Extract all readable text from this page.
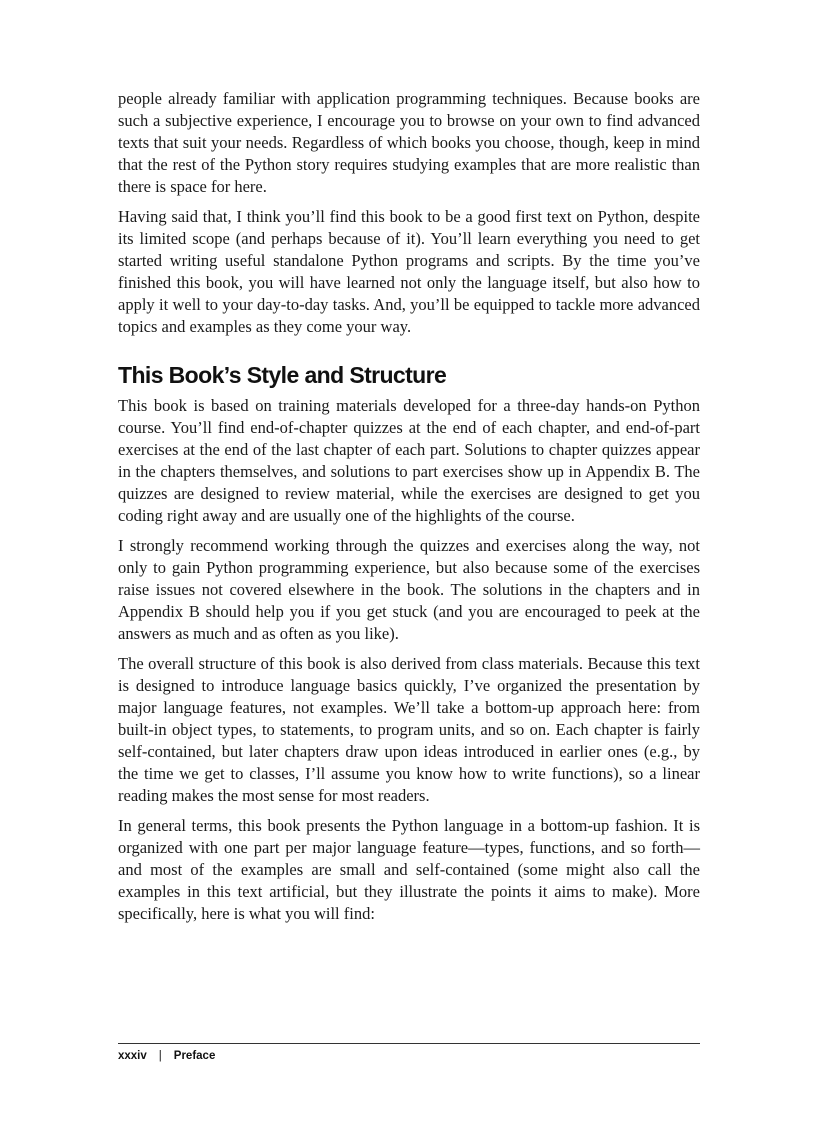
people already familiar with application programming techniques. Because books are such a subjective experience, I encourage you to browse on your own to find advanced texts that suit your needs. Regardless of which books you choose, though, keep in mind that the rest of the Python story requires studying examples that are more realistic than there is space for here.

Having said that, I think you’ll find this book to be a good first text on Python, despite its limited scope (and perhaps because of it). You’ll learn everything you need to get started writing useful standalone Python programs and scripts. By the time you’ve finished this book, you will have learned not only the language itself, but also how to apply it well to your day-to-day tasks. And, you’ll be equipped to tackle more advanced topics and examples as they come your way.

This Book’s Style and Structure

This book is based on training materials developed for a three-day hands-on Python course. You’ll find end-of-chapter quizzes at the end of each chapter, and end-of-part exercises at the end of the last chapter of each part. Solutions to chapter quizzes appear in the chapters themselves, and solutions to part exercises show up in Appendix B. The quizzes are designed to review material, while the exercises are designed to get you coding right away and are usually one of the highlights of the course.

I strongly recommend working through the quizzes and exercises along the way, not only to gain Python programming experience, but also because some of the exercises raise issues not covered elsewhere in the book. The solutions in the chapters and in Appendix B should help you if you get stuck (and you are encouraged to peek at the answers as much and as often as you like).

The overall structure of this book is also derived from class materials. Because this text is designed to introduce language basics quickly, I’ve organized the presentation by major language features, not examples. We’ll take a bottom-up approach here: from built-in object types, to statements, to program units, and so on. Each chapter is fairly self-contained, but later chapters draw upon ideas introduced in earlier ones (e.g., by the time we get to classes, I’ll assume you know how to write functions), so a linear reading makes the most sense for most readers.

In general terms, this book presents the Python language in a bottom-up fashion. It is organized with one part per major language feature—types, functions, and so forth—and most of the examples are small and self-contained (some might also call the examples in this text artificial, but they illustrate the points it aims to make). More specifically, here is what you will find:

xxxiv | Preface
